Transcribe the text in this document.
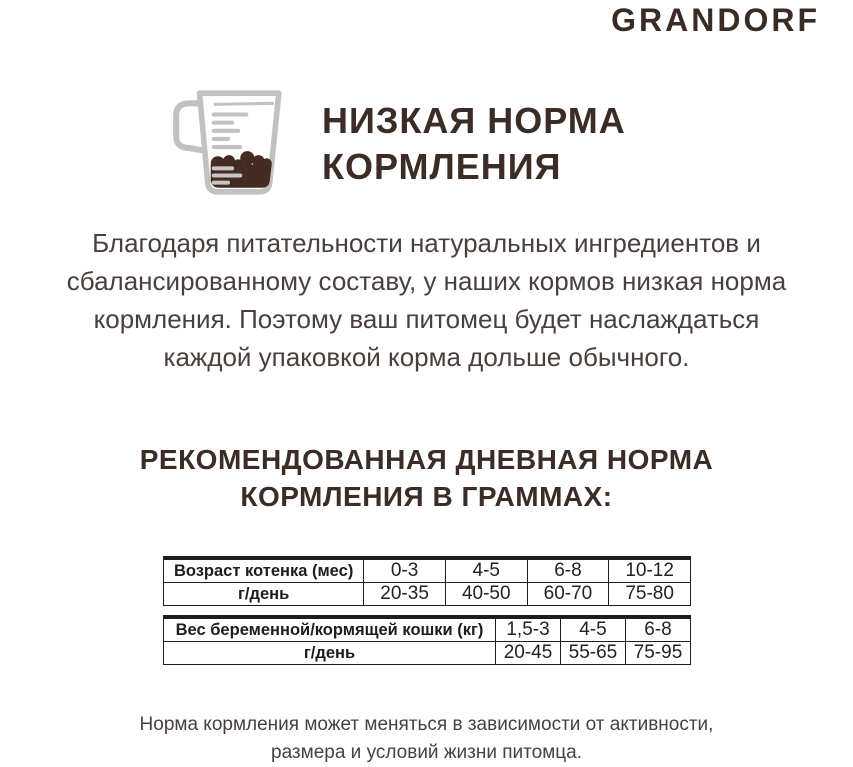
GRANDORF
НИЗКАЯ НОРМА
КОРМЛЕНИЯ
Благодаря питательности натуральных ингредиентов и
сбалансированному составу, у наших кормов низкая норма
кормления. Поэтому ваш питомец будет наслаждаться
каждой упаковкой корма дольше обычного.
РЕКОМЕНДОВАННАЯ ДНЕВНАЯ НОРМА
КОРМЛЕНИЯ В ГРАММАХ:
Возраст котенка (мес)	0-3	4-5	6-8	10-12
г/день	20-35	40-50	60-70	75-80
Вес беременной/кормящей кошки (кг)	1,5-3	4-5	6-8
г/день	20-45	55-65	75-95
Норма кормления может меняться в зависимости от активности,
размера и условий жизни питомца.
